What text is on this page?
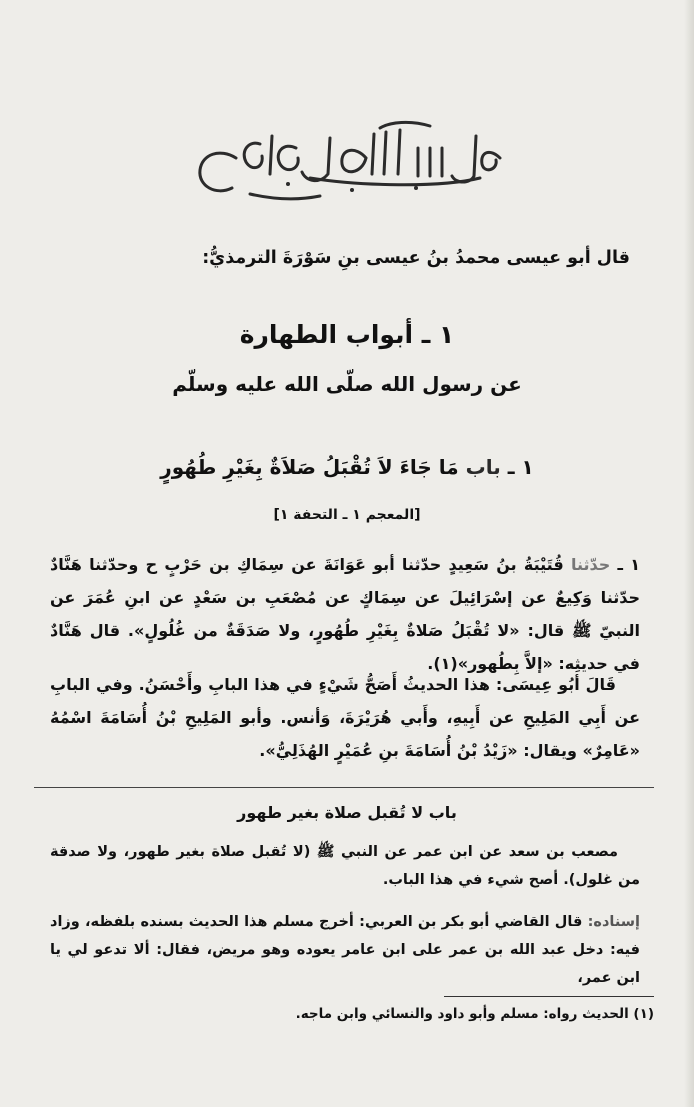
قال أبو عيسى محمدُ بنُ عيسى بنِ سَوْرَةَ الترمذيُّ:
١ ـ أبواب الطهارة
عن رسول الله صلّى الله عليه وسلّم
١ ـ باب مَا جَاءَ لاَ تُقْبَلُ صَلاَةٌ بِغَيْرِ طُهُورٍ
[المعجم ١ ـ التحفة ١]
١ ـ حدّثنا قُتَيْبَةُ بنُ سَعِيدٍ حدّثنا أبو عَوَانَةَ عن سِمَاكِ بن حَرْبٍ ح وحدّثنا هَنَّادٌ حدّثنا وَكِيعٌ عن إسْرَائِيلَ عن سِمَاكٍ عن مُصْعَبِ بن سَعْدٍ عن ابنِ عُمَرَ عن النبيّ ﷺ قال: «لا تُقْبَلُ صَلاةٌ بِغَيْرِ طُهُورٍ، ولا صَدَقَةٌ من غُلُولٍ». قال هَنَّادٌ في حديثِه: «إلاَّ بِطُهور»(١).
قَالَ أبُو عِيسَى: هذا الحديثُ أَصَحُّ شَيْءٍ في هذا البابِ وأَحْسَنُ. وفي البابِ عن أَبِي المَلِيحِ عن أَبِيهِ، وأَبي هُرَيْرَةَ، وَأنس. وأبو المَلِيحِ بْنُ أُسَامَةَ اسْمُهُ «عَامِرٌ» ويقال: «زَيْدُ بْنُ أُسَامَةَ بنِ عُمَيْرٍ الهُذَلِيُّ».
باب لا تُقبل صلاة بغير طهور
مصعب بن سعد عن ابن عمر عن النبي ﷺ (لا تُقبل صلاة بغير طهور، ولا صدقة من غلول). أصح شيء في هذا الباب.
إسناده: قال القاضي أبو بكر بن العربي: أخرج مسلم هذا الحديث بسنده بلفظه، وزاد فيه: دخل عبد الله بن عمر على ابن عامر يعوده وهو مريض، فقال: ألا تدعو لي يا ابن عمر،
(١) الحديث رواه: مسلم وأبو داود والنسائي وابن ماجه.
